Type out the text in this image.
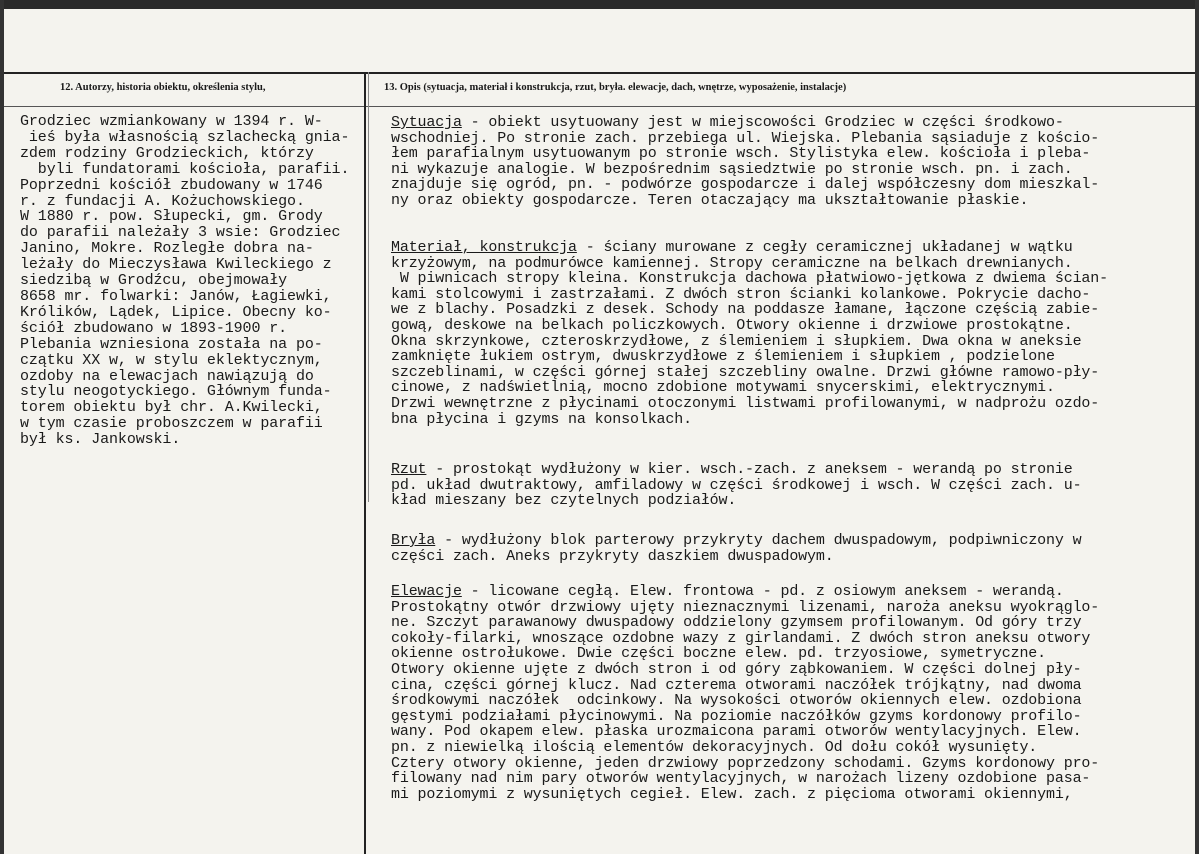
12. Autorzy, historia obiektu, określenia stylu,	13. Opis (sytuacja, materiał i konstrukcja, rzut, bryła. elewacje, dach, wnętrze, wyposażenie, instalacje)
Grodziec wzmiankowany w 1394 r. W-
ieś była własnością szlachecką gnia-
zdem rodziny Grodzieckich, którzy
byli fundatorami kościoła, parafii.
Poprzedni kościół zbudowany w 1746
r. z fundacji A. Kożuchowskiego.
W 1880 r. pow. Słupecki, gm. Grody
do parafii należały 3 wsie: Grodziec
Janino, Mokre. Rozległe dobra na-
leżały do Mieczysława Kwileckiego z
siedzibą w Grodźcu, obejmowały
8658 mr. folwarki: Janów, Łagiewki,
Królików, Lądek, Lipice. Obecny ko-
ściół zbudowano w 1893-1900 r.
Plebania wzniesiona została na po-
czątku XX w, w stylu eklektycznym,
ozdoby na elewacjach nawiązują do
stylu neogotyckiego. Głównym funda-
torem obiektu był chr. A.Kwilecki,
w tym czasie proboszczem w parafii
był ks. Jankowski.
Sytuacja - obiekt usytuowany jest w miejscowości Grodziec w części środkowo-
wschodniej. Po stronie zach. przebiega ul. Wiejska. Plebania sąsiaduje z kościo-
łem parafialnym usytuowanym po stronie wsch. Stylistyka elew. kościoła i pleba-
ni wykazuje analogie. W bezpośrednim sąsiedztwie po stronie wsch. pn. i zach.
znajduje się ogród, pn. - podwórze gospodarcze i dalej współczesny dom mieszkal-
ny oraz obiekty gospodarcze. Teren otaczający ma ukształtowanie płaskie.
Materiał, konstrukcja - ściany murowane z cegły ceramicznej układanej w wątku
krzyżowym, na podmurówce kamiennej. Stropy ceramiczne na belkach drewnianych.
W piwnicach stropy kleina. Konstrukcja dachowa płatwiowo-jętkowa z dwiema ścian-
kami stolcowymi i zastrzałami. Z dwóch stron ścianki kolankowe. Pokrycie dacho-
we z blachy. Posadzki z desek. Schody na poddasze łamane, łączone częścią zabie-
gową, deskowe na belkach policzkowych. Otwory okienne i drzwiowe prostokątne.
Okna skrzynkowe, czteroskrzydłowe, z ślemieniem i słupkiem. Dwa okna w aneksie
zamknięte łukiem ostrym, dwuskrzydłowe z ślemieniem i słupkiem , podzielone
szczeblinami, w części górnej stałej szczebliny owalne. Drzwi główne ramowo-pły-
cinowe, z nadświetlnią, mocno zdobione motywami snycerskimi, elektrycznymi.
Drzwi wewnętrzne z płycinami otoczonymi listwami profilowanymi, w nadprożu ozdo-
bna płycina i gzyms na konsolkach.
Rzut - prostokąt wydłużony w kier. wsch.-zach. z aneksem - werandą po stronie
pd. układ dwutraktowy, amfiladowy w części środkowej i wsch. W części zach. u-
kład mieszany bez czytelnych podziałów.
Bryła - wydłużony blok parterowy przykryty dachem dwuspadowym, podpiwniczony w
części zach. Aneks przykryty daszkiem dwuspadowym.
Elewacje - licowane cegłą. Elew. frontowa - pd. z osiowym aneksem - werandą.
Prostokątny otwór drzwiowy ujęty nieznacznymi lizenami, naroża aneksu wyokrąglo-
ne. Szczyt parawanowy dwuspadowy oddzielony gzymsem profilowanym. Od góry trzy
cokoły-filarki, wnoszące ozdobne wazy z girlandami. Z dwóch stron aneksu otwory
okienne ostrołukowe. Dwie części boczne elew. pd. trzyosiowe, symetryczne.
Otwory okienne ujęte z dwóch stron i od góry ząbkowaniem. W części dolnej pły-
cina, części górnej klucz. Nad czterema otworami naczółek trójkątny, nad dwoma
środkowymi naczółek  odcinkowy. Na wysokości otworów okiennych elew. ozdobiona
gęstymi podziałami płycinowymi. Na poziomie naczółków gzyms kordonowy profilo-
wany. Pod okapem elew. płaska urozmaicona parami otworów wentylacyjnych. Elew.
pn. z niewielką ilością elementów dekoracyjnych. Od dołu cokół wysunięty.
Cztery otwory okienne, jeden drzwiowy poprzedzony schodami. Gzyms kordonowy pro-
filowany nad nim pary otworów wentylacyjnych, w narożach lizeny ozdobione pasa-
mi poziomymi z wysuniętych cegieł. Elew. zach. z pięcioma otworami okiennymi,
